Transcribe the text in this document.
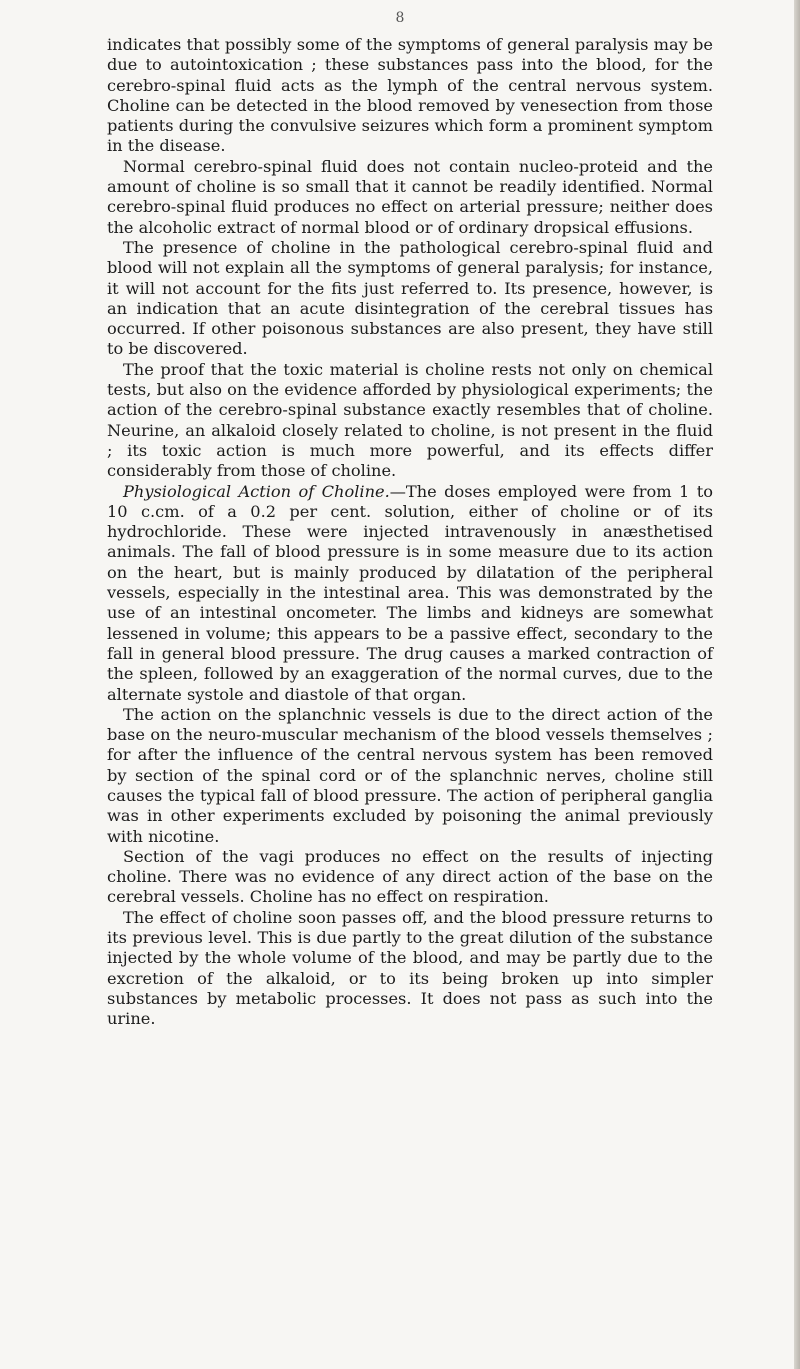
8

indicates that possibly some of the symptoms of general paralysis may be due to autointoxication ; these substances pass into the blood, for the cerebro-spinal fluid acts as the lymph of the central nervous system. Choline can be detected in the blood removed by venesection from those patients during the convulsive seizures which form a prominent symptom in the disease.

Normal cerebro-spinal fluid does not contain nucleo-proteid and the amount of choline is so small that it cannot be readily identified. Normal cerebro-spinal fluid produces no effect on arterial pressure; neither does the alcoholic extract of normal blood or of ordinary dropsical effusions.

The presence of choline in the pathological cerebro-spinal fluid and blood will not explain all the symptoms of general paralysis; for instance, it will not account for the fits just referred to. Its presence, however, is an indication that an acute disintegration of the cerebral tissues has occurred. If other poisonous substances are also present, they have still to be discovered.

The proof that the toxic material is choline rests not only on chemical tests, but also on the evidence afforded by physiological experiments; the action of the cerebro-spinal substance exactly resembles that of choline. Neurine, an alkaloid closely related to choline, is not present in the fluid ; its toxic action is much more powerful, and its effects differ considerably from those of choline.

Physiological Action of Choline.—The doses employed were from 1 to 10 c.cm. of a 0.2 per cent. solution, either of choline or of its hydrochloride. These were injected intravenously in anæsthetised animals. The fall of blood pressure is in some measure due to its action on the heart, but is mainly produced by dilatation of the peripheral vessels, especially in the intestinal area. This was demonstrated by the use of an intestinal oncometer. The limbs and kidneys are somewhat lessened in volume; this appears to be a passive effect, secondary to the fall in general blood pressure. The drug causes a marked contraction of the spleen, followed by an exaggeration of the normal curves, due to the alternate systole and diastole of that organ.

The action on the splanchnic vessels is due to the direct action of the base on the neuro-muscular mechanism of the blood vessels themselves ; for after the influence of the central nervous system has been removed by section of the spinal cord or of the splanchnic nerves, choline still causes the typical fall of blood pressure. The action of peripheral ganglia was in other experiments excluded by poisoning the animal previously with nicotine.

Section of the vagi produces no effect on the results of injecting choline. There was no evidence of any direct action of the base on the cerebral vessels. Choline has no effect on respiration.

The effect of choline soon passes off, and the blood pressure returns to its previous level. This is due partly to the great dilution of the substance injected by the whole volume of the blood, and may be partly due to the excretion of the alkaloid, or to its being broken up into simpler substances by metabolic processes. It does not pass as such into the urine.
